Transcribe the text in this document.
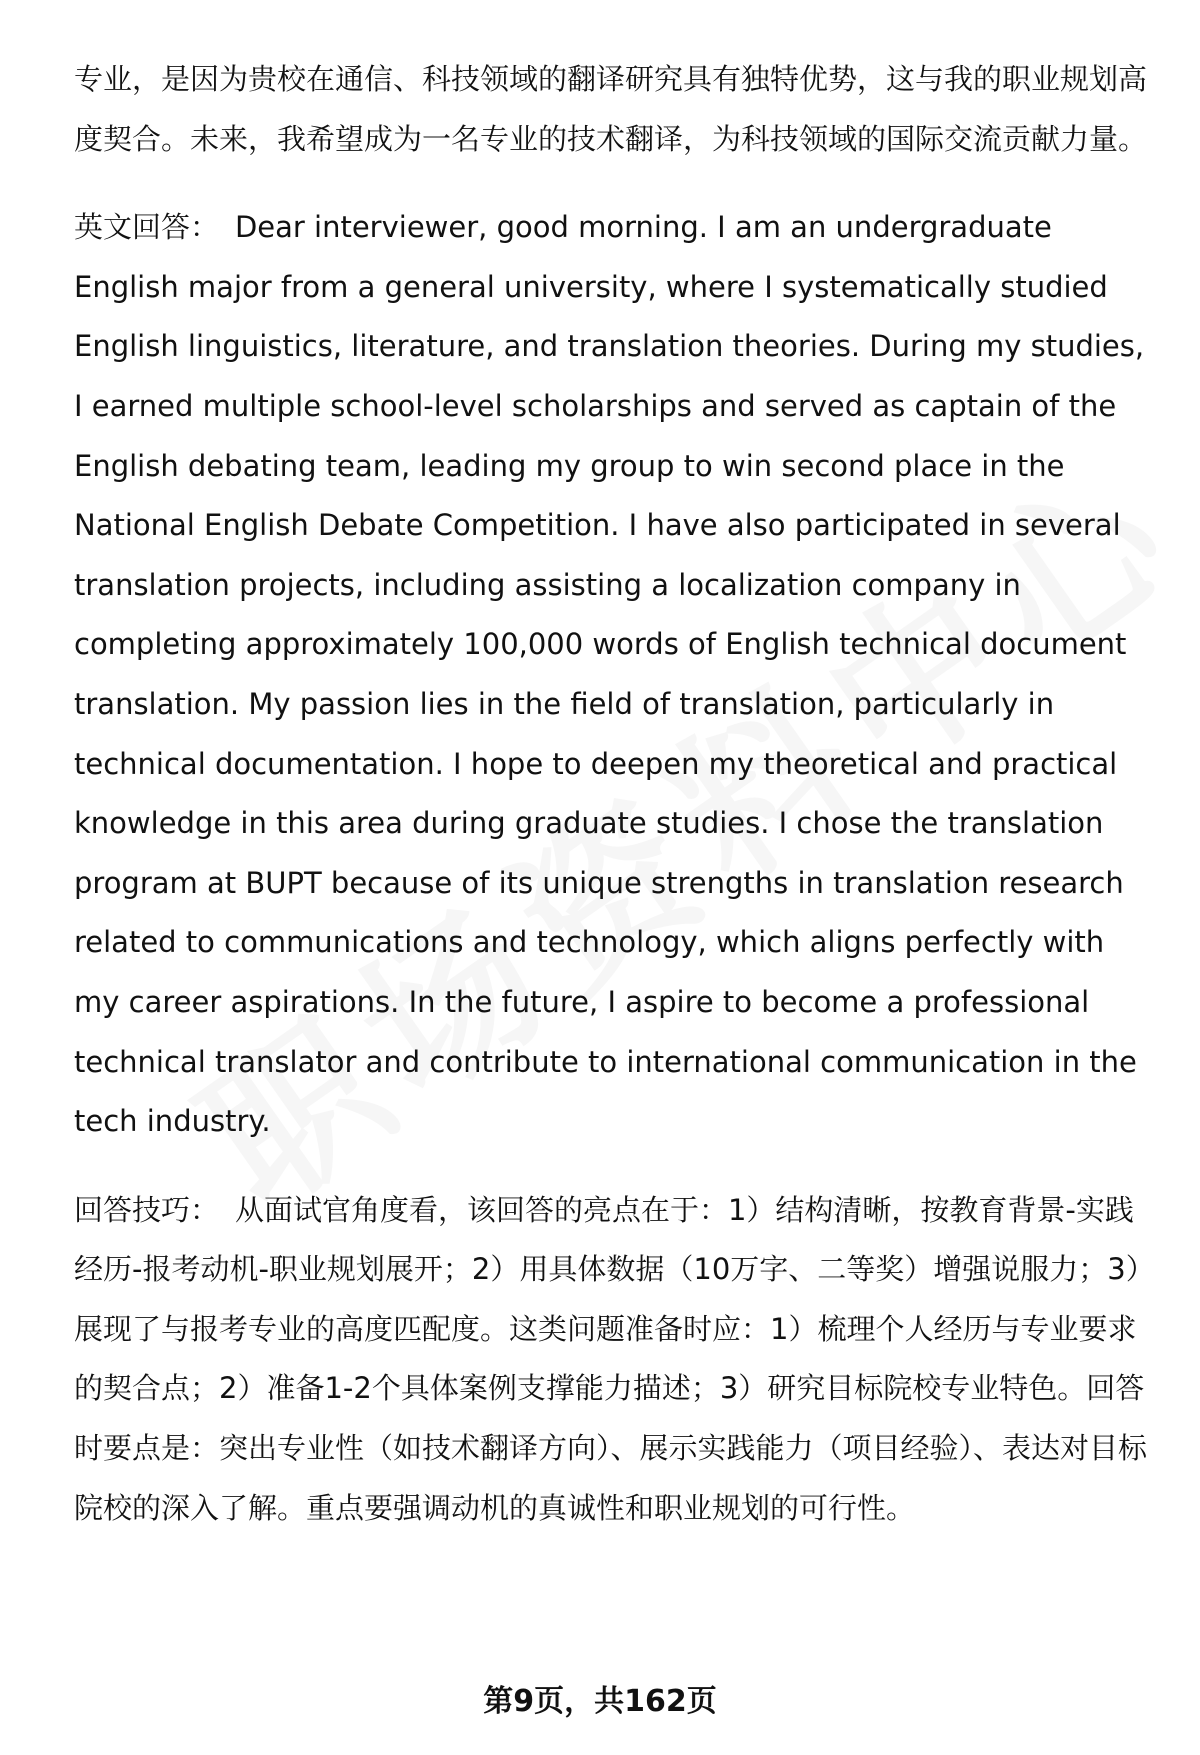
专业，是因为贵校在通信、科技领域的翻译研究具有独特优势，这与我的职业规划高度契合。未来，我希望成为一名专业的技术翻译，为科技领域的国际交流贡献力量。

英文回答： Dear interviewer, good morning. I am an undergraduate English major from a general university, where I systematically studied English linguistics, literature, and translation theories. During my studies, I earned multiple school-level scholarships and served as captain of the English debating team, leading my group to win second place in the National English Debate Competition. I have also participated in several translation projects, including assisting a localization company in completing approximately 100,000 words of English technical document translation. My passion lies in the field of translation, particularly in technical documentation. I hope to deepen my theoretical and practical knowledge in this area during graduate studies. I chose the translation program at BUPT because of its unique strengths in translation research related to communications and technology, which aligns perfectly with my career aspirations. In the future, I aspire to become a professional technical translator and contribute to international communication in the tech industry.

回答技巧： 从面试官角度看，该回答的亮点在于：1）结构清晰，按教育背景-实践经历-报考动机-职业规划展开；2）用具体数据（10万字、二等奖）增强说服力；3）展现了与报考专业的高度匹配度。这类问题准备时应：1）梳理个人经历与专业要求的契合点；2）准备1-2个具体案例支撑能力描述；3）研究目标院校专业特色。回答时要点是：突出专业性（如技术翻译方向）、展示实践能力（项目经验）、表达对目标院校的深入了解。重点要强调动机的真诚性和职业规划的可行性。

第9页，共162页
